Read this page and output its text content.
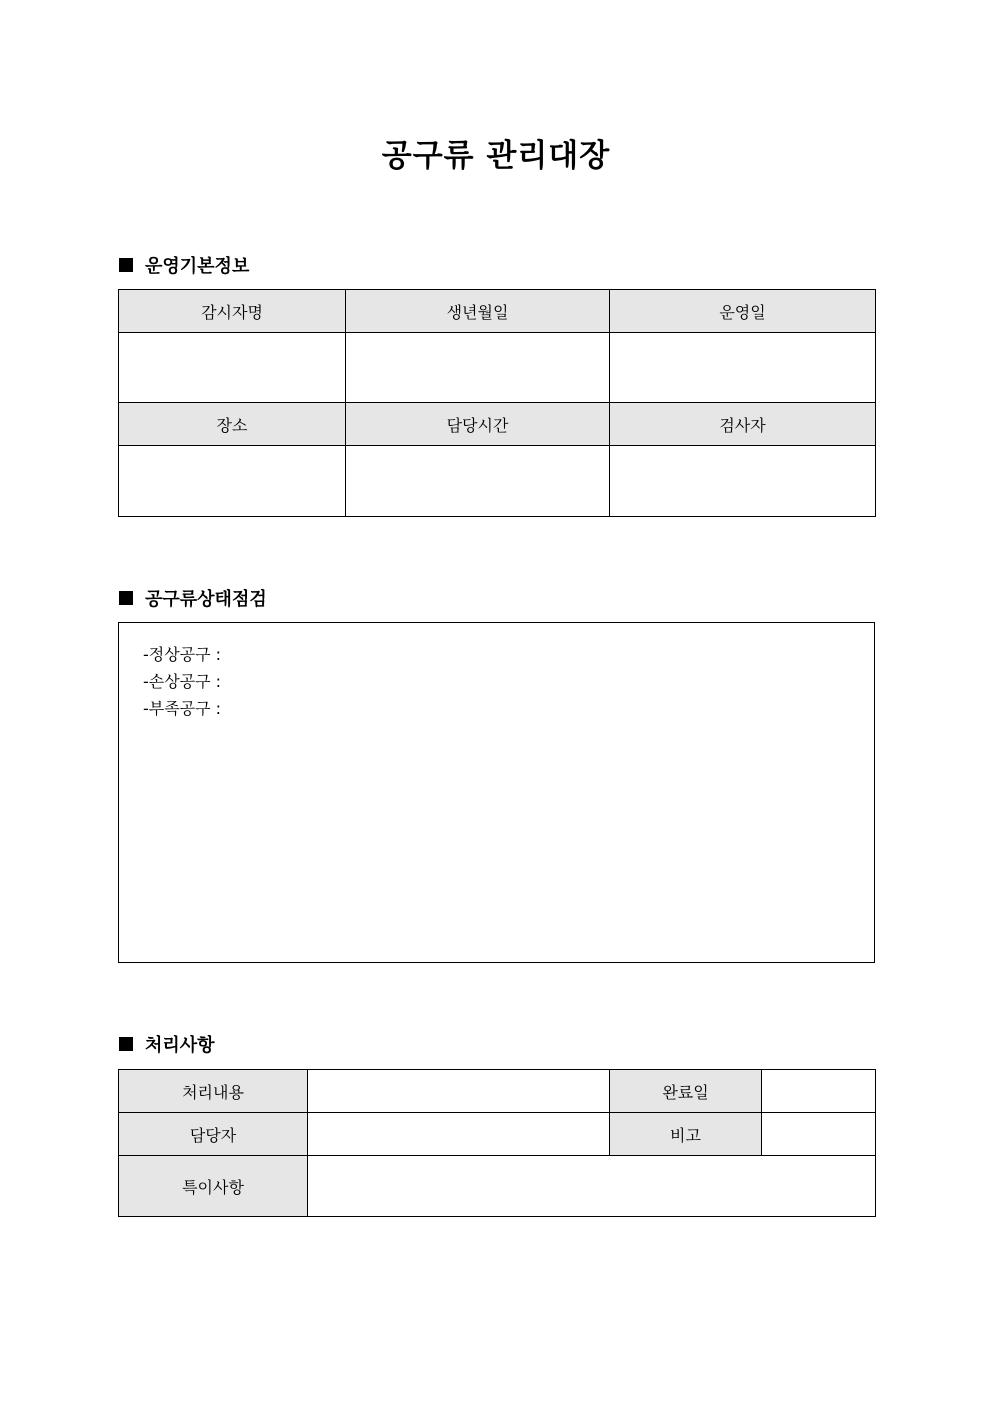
공구류 관리대장
운영기본정보
감시자명	생년월일	운영일

장소	담당시간	검사자

공구류상태점검
-정상공구 :
-손상공구 :
-부족공구 :
처리사항
처리내용		완료일	
담당자		비고	
특이사항			
